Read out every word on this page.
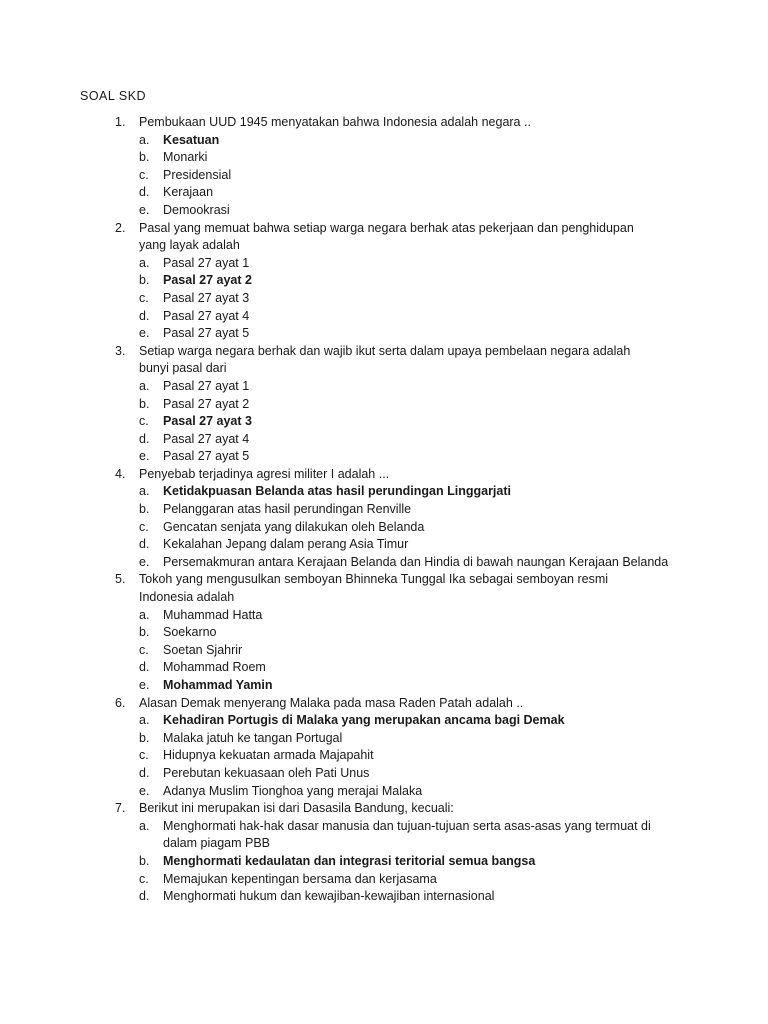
SOAL SKD
1. Pembukaan UUD 1945 menyatakan bahwa Indonesia adalah negara ..
a. Kesatuan
b. Monarki
c. Presidensial
d. Kerajaan
e. Demookrasi
2. Pasal yang memuat bahwa setiap warga negara berhak atas pekerjaan dan penghidupan yang layak adalah
a. Pasal 27 ayat 1
b. Pasal 27 ayat 2
c. Pasal 27 ayat 3
d. Pasal 27 ayat 4
e. Pasal 27 ayat 5
3. Setiap warga negara berhak dan wajib ikut serta dalam upaya pembelaan negara adalah bunyi pasal dari
a. Pasal 27 ayat 1
b. Pasal 27 ayat 2
c. Pasal 27 ayat 3
d. Pasal 27 ayat 4
e. Pasal 27 ayat 5
4. Penyebab terjadinya agresi militer I adalah ...
a. Ketidakpuasan Belanda atas hasil perundingan Linggarjati
b. Pelanggaran atas hasil perundingan Renville
c. Gencatan senjata yang dilakukan oleh Belanda
d. Kekalahan Jepang dalam perang Asia Timur
e. Persemakmuran antara Kerajaan Belanda dan Hindia di bawah naungan Kerajaan Belanda
5. Tokoh yang mengusulkan semboyan Bhinneka Tunggal Ika sebagai semboyan resmi Indonesia adalah
a. Muhammad Hatta
b. Soekarno
c. Soetan Sjahrir
d. Mohammad Roem
e. Mohammad Yamin
6. Alasan Demak menyerang Malaka pada masa Raden Patah adalah ..
a. Kehadiran Portugis di Malaka yang merupakan ancama bagi Demak
b. Malaka jatuh ke tangan Portugal
c. Hidupnya kekuatan armada Majapahit
d. Perebutan kekuasaan oleh Pati Unus
e. Adanya Muslim Tionghoa yang merajai Malaka
7. Berikut ini merupakan isi dari Dasasila Bandung, kecuali:
a. Menghormati hak-hak dasar manusia dan tujuan-tujuan serta asas-asas yang termuat di dalam piagam PBB
b. Menghormati kedaulatan dan integrasi teritorial semua bangsa
c. Memajukan kepentingan bersama dan kerjasama
d. Menghormati hukum dan kewajiban-kewajiban internasional
